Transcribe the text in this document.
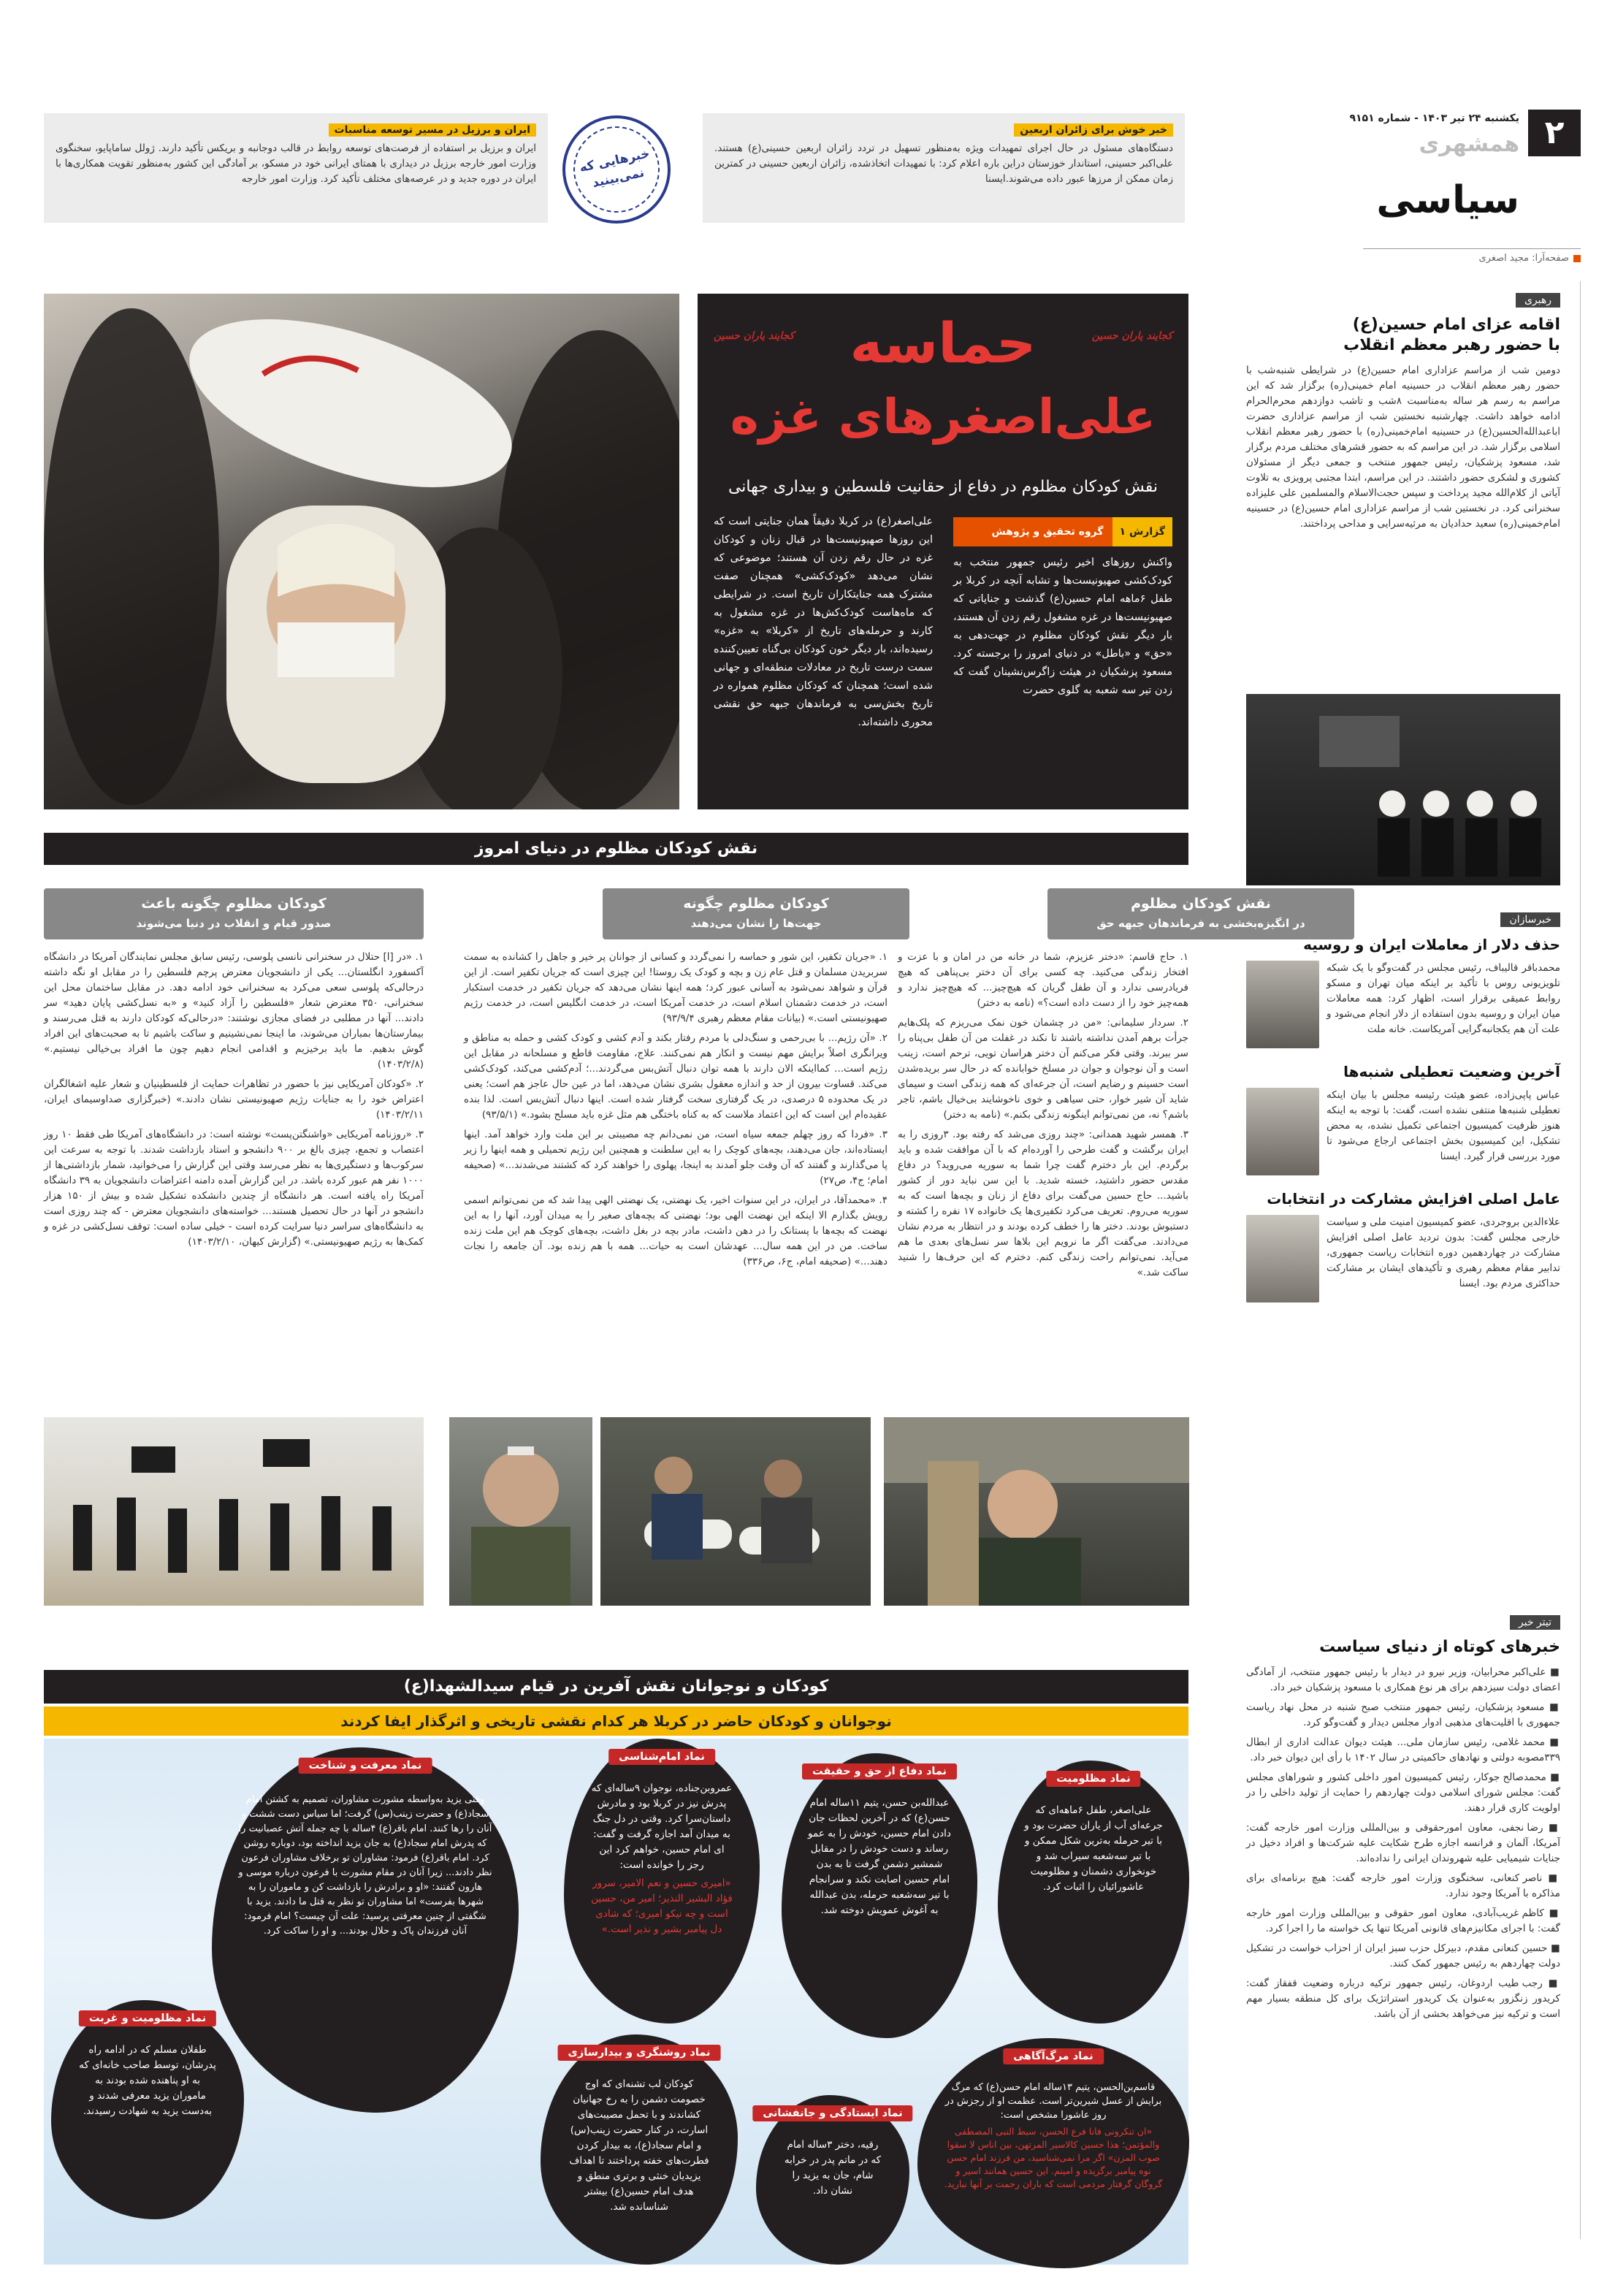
۲
یکشنبه ۲۴ تیر ۱۴۰۳ - شماره ۹۱۵۱
همشهری
سیاسی
صفحه‌آرا: مجید اصغری
خبر خوش برای زائران اربعین
دستگاه‌های مسئول در حال اجرای تمهیدات ویژه به‌منظور تسهیل در تردد زائران اربعین حسینی(ع) هستند. علی‌اکبر حسینی، استاندار خوزستان دراین باره اعلام کرد: با تمهیدات اتخاذشده، زائران اربعین حسینی در کمترین زمان ممکن از مرزها عبور داده می‌شوند.ایسنا
خبرهایی که نمی‌بینید
ایران و برزیل در مسیر توسعه مناسبات
ایران و برزیل بر استفاده از فرصت‌های توسعه روابط در قالب دوجانبه و بریکس تأکید دارند. ژولل ساماپایو، سخنگوی وزارت امور خارجه برزیل در دیداری با همتای ایرانی خود در مسکو، بر آمادگی این کشور به‌منظور تقویت همکاری‌ها با ایران در دوره جدید و در عرصه‌های مختلف تأکید کرد. وزارت امور خارجه
کجایند یاران حسین
کجایند یاران حسین	حماسه
علی‌اصغرهای غزه
نقش کودکان مظلوم در دفاع از حقانیت فلسطین و بیداری جهانی
گزارش ۱
گروه تحقیق و پژوهش
واکنش روزهای اخیر رئیس جمهور منتخب به کودک‌کشی صهیونیست‌ها و تشابه آنچه در کربلا بر طفل ۶ماهه امام حسین(ع) گذشت و جنایاتی که صهیونیست‌ها در غزه مشغول رقم زدن آن هستند، بار دیگر نقش کودکان مظلوم در جهت‌دهی به «حق» و «باطل» در دنیای امروز را برجسته کرد. مسعود پزشکیان در هیئت زاگرس‌نشینان گفت که زدن تیر سه شعبه به گلوی حضرت
علی‌اصغر(ع) در کربلا دقیقاً همان جنایتی است که این روزها صهیونیست‌ها در قبال زنان و کودکان غزه در حال رقم زدن آن هستند؛ موضوعی که نشان می‌دهد «کودک‌کشی» همچنان صفت مشترک همه جنایتکاران تاریخ است. در شرایطی که ماه‌هاست کودک‌کش‌ها در غزه مشغول به کارند و حرمله‌های تاریخ از «کربلا» به «غزه» رسیده‌اند، بار دیگر خون کودکان بی‌گناه تعیین‌کننده سمت درست تاریخ در معادلات منطقه‌ای و جهانی شده است؛ همچنان که کودکان مظلوم همواره در تاریخ بخش‌سی به فرماندهان جبهه حق نقشی محوری داشته‌اند.
نقش کودکان مظلوم در دنیای امروز
نقش کودکان مظلوم
در انگیزه‌بخشی به فرماندهان جبهه حق
کودکان مظلوم چگونه
جهت‌ها را نشان می‌دهند
کودکان مظلوم چگونه باعث
صدور قیام و انقلاب در دنیا می‌شوند

۱. حاج قاسم: «دختر عزیزم، شما در خانه من در امان و با عزت و افتخار زندگی می‌کنید. چه کسی برای آن دختر بی‌پناهی که هیچ فریادرسی ندارد و آن طفل گریان که هیچ‌چیز... که هیچ‌چیز ندارد و همه‌چیز خود را از دست داده است؟» (نامه به دختر)

۲. سردار سلیمانی: «من در چشمان خون نمک می‌ریزم که پلک‌هایم جرأت برهم آمدن نداشته باشند تا نکند در غفلت من آن طفل بی‌پناه را سر ببرند. وقتی فکر می‌کنم آن دختر هراسان تویی، ترحم است، زینب است و آن نوجوان و جوان در مسلخ خوابانده که در حال سر بریده‌شدن است حسینم و رضایم است، آن جرعه‌ای که همه زندگی است و سیمای شاید آن شیر خوار، حتی سیاهی و خوی ناخوشایند بی‌خیال باشم، تاجر باشم؟ نه، من نمی‌توانم اینگونه زندگی بکنم.» (نامه به دختر)

۳. همسر شهید همدانی: «چند روزی می‌شد که رفته بود. ۳روزی را به ایران برگشت و گفت طرحی را آورده‌ام که با آن موافقت شده و باید برگردم. این بار دخترم گفت چرا شما به سوریه می‌روید؟ در دفاع مقدس حضور داشتید، خسته شدید. با این سن نباید دور از کشور باشید... حاج حسین می‌گفت برای دفاع از زنان و بچه‌ها است که به سوریه می‌روم. تعریف می‌کرد تکفیری‌ها یک خانواده ۱۷ نفره را کشته و دستبوش بودند. دختر ها را خطف کرده بودند و در انتظار به مردم نشان می‌دادند. می‌گفت اگر ما نرویم این بلاها سر نسل‌های بعدی ما هم می‌آید. نمی‌توانم راحت زندگی کنم. دخترم که این حرف‌ها را شنید ساکت شد.»

۱. «جریان تکفیر، این شور و حماسه را نمی‌گردد و کسانی از جوانان پر خیر و جاهل را کشانده به سمت سربریدن مسلمان و قتل عام زن و بچه و کودک یک روستا! این چیزی است که جریان تکفیر است. از این قرآن و شواهد نمی‌شود به آسانی عبور کرد؛ همه اینها نشان می‌دهد که جریان تکفیر در خدمت استکبار است، در خدمت دشمنان اسلام است، در خدمت آمریکا است، در خدمت انگلیس است، در خدمت رژیم صهیونیستی است.» (بیانات مقام معظم رهبری ۹۳/۹/۴)

۲. «آن رژیم... با بی‌رحمی و سنگ‌دلی با مردم رفتار بکند و آدم کشی و کودک کشی و حمله به مناطق و ویرانگری اصلاً برایش مهم نیست و انکار هم نمی‌کنند. علاج، مقاومت قاطع و مسلحانه در مقابل این رژیم است... کمااینکه الان دارند با همه توان دنبال آتش‌بس می‌گردند...؛ آدم‌کشی می‌کند، کودک‌کشی می‌کند. قساوت بیرون از حد و اندازه معقول بشری نشان می‌دهد، اما در عین حال عاجز هم است؛ یعنی در یک محدوده ۵ درصدی، در یک گرفتاری سخت گرفتار شده است. اینها دنبال آتش‌بس است. لذا بنده عقیده‌ام این است که این اعتماد ملاست که به کناه باختگی هم مثل غزه باید مسلح بشود.» (۹۳/۵/۱)

۳. «فردا که روز چهلم جمعه سیاه است، من نمی‌دانم چه مصیبتی بر این ملت وارد خواهد آمد. اینها ایستاده‌اند، جان می‌دهند، بچه‌های کوچک را به این سلطنت و همچنین این رژیم تحمیلی و همه اینها را زیر پا می‌گذارند و گفتند که آن وقت جلو آمدند به اینجا، پهلوی را خواهند کرد که کشتند می‌شدند...» (صحیفه امام؛ ج۴، ص۲۷)

۴. «محمدآقا، در ایران، در این سنوات اخیر، یک نهضتی، یک نهضتی الهی پیدا شد که من نمی‌توانم اسمی رویش بگذارم الا اینکه این نهضت الهی بود؛ نهضتی که بچه‌های صغیر را به میدان آورد، آنها را به این نهضت که بچه‌ها با پستانک را در دهن داشت، مادر بچه در بغل داشت، بچه‌های کوچک هم این ملت زنده ساخت. من در این همه سال... عهدشان است به حیات... همه با هم زنده بود. آن جامعه را نجات دهند...» (صحیفه امام، ج۶، ص۳۳۶)

۱. «در [ا] حتلال در سخنرانی نانسی پلوسی، رئیس سابق مجلس نمایندگان آمریکا در دانشگاه آکسفورد انگلستان... یکی از دانشجویان معترض پرچم فلسطین را در مقابل او نگه داشته درحالی‌که پلوسی سعی می‌کرد به سخنرانی خود ادامه دهد. در مقابل ساختمان محل این سخنرانی، ۳۵۰ معترض شعار «فلسطین را آزاد کنید» و «به نسل‌کشی پایان دهید» سر دادند... آنها در مطلبی در فضای مجازی نوشتند: «درحالی‌که کودکان دارند به قتل می‌رسند و بیمارستان‌ها بمباران می‌شوند، ما اینجا نمی‌نشینیم و ساکت باشیم تا به صحبت‌های این افراد گوش بدهیم. ما باید برخیزیم و اقدامی انجام دهیم چون ما افراد بی‌خیالی نیستیم.» (۱۴۰۳/۲/۸)

۲. «کودکان آمریکایی نیز با حضور در تظاهرات حمایت از فلسطینیان و شعار علیه اشغالگران اعتراض خود را به جنایات رژیم صهیونیستی نشان دادند.» (خبرگزاری صداوسیمای ایران، ۱۴۰۳/۲/۱۱)

۳. «روزنامه آمریکایی «واشنگتن‌پست» نوشته است: در دانشگاه‌های آمریکا طی فقط ۱۰ روز اعتصاب و تجمع، چیزی بالغ بر ۹۰۰ دانشجو و استاد بازداشت شدند. با توجه به سرعت این سرکوب‌ها و دستگیری‌ها به نظر می‌رسد وقتی این گزارش را می‌خوانید، شمار بازداشتی‌ها از ۱۰۰۰ نفر هم عبور کرده باشد. در این گزارش آمده دامنه اعتراضات دانشجویان به ۳۹ دانشگاه آمریکا راه یافته است. هر دانشگاه از چندین دانشکده تشکیل شده و بیش از ۱۵۰ هزار دانشجو در آنها در حال تحصیل هستند... خواسته‌های دانشجویان معترض - که چند روزی است به دانشگاه‌های سراسر دنیا سرایت کرده است - خیلی ساده است: توقف نسل‌کشی در غزه و کمک‌ها به رژیم صهیونیستی.» (گزارش کیهان، ۱۴۰۳/۲/۱۰)

کودکان و نوجوانان نقش آفرین در قیام سیدالشهدا(ع)
نوجوانان و کودکان حاضر در کربلا هر کدام نقشی تاریخی و اثرگذار ایفا کردند
نماد مظلومیت
علی‌اصغر، طفل ۶ماهه‌ای که جرعه‌ای آب از یاران حضرت بود و با تیر حرمله به‌ترین شکل ممکن و با تیر سه‌شعبه سیراب شد و خونخواری دشمنان و مظلومیت عاشورائیان را اثبات کرد.
نماد دفاع از حق و حقیقت
عبدالله‌بن حسن، یتیم ۱۱ساله امام حسن(ع) که در آخرین لحظات جان دادن امام حسین، خودش را به عمو رساند و دست خودش را در مقابل شمشیر دشمن گرفت تا به بدن امام حسین اصابت نکند و سرانجام با تیر سه‌شعبه حرمله، بدن عبدالله به آغوش عمویش دوخته شد.
نماد امام‌شناسی
عمروبن‌جناده، نوجوان ۹ساله‌ای که پدرش نیز در کربلا بود و مادرش داستان‌سرا کرد. وقتی در دل جنگ به میدان آمد اجازه گرفت و گفت: ای امام حسین، خواهم کرد این رجز را خوانده است:
«امیری حسین و نعم الامیر، سرور فؤاد البشیر النذیر؛ امیر من، حسین است و چه نیکو امیری؛ که شادی دل پیامبر بشیر و نذیر است.»
نماد معرفت و شناخت
وقتی یزید به‌واسطه مشورت مشاوران، تصمیم به کشتن امام سجاد(ع) و حضرت زینب(س) گرفت؛ اما سیاس دست ششت و آنان را رها کنند. امام باقر(ع) ۴ساله با چه جمله آتش عصبانیت را که پدرش امام سجاد(ع) به جان یزید انداخته بود، دوباره روشن کرد. امام باقر(ع) فرمود: مشاوران تو برخلاف مشاوران فرعون نظر دادند... زیرا آنان در مقام مشورت با فرعون درباره موسی و هارون گفتند: «او و برادرش را بازداشت کن و ماموران را به شهرها بفرست» اما مشاوران تو نظر به قتل ما دادند. یزید با شگفتی از چنین معرفتی پرسید: علت آن چیست؟ امام فرمود: آنان فرزندان پاک و حلال بودند... و او را ساکت کرد.
نماد مظلومیت و غربت
طفلان مسلم که در ادامه راه پدرشان، توسط صاحب خانه‌ای که به او پناهنده شده بودند به ماموران یزید معرفی شدند و به‌دست یزید به شهادت رسیدند.
نماد روشنگری و بیدارسازی
کودکان لب تشنه‌ای که اوج خصومت دشمن را به رخ جهانیان کشاندند و با تحمل مصیبت‌های اسارت، در کنار حضرت زینب(س) و امام سجاد(ع)، به بیدار کردن فطرت‌های خفته پرداختند تا اهداف یزیدیان خنثی و برتری منطق و هدف امام حسین(ع) بیشتر شناسانده شد.
نماد ایستادگی و جانفشانی
رقیه، دختر ۳ساله امام که در ماتم پدر در خرابه شام، جان به یزید را نشان داد.
نماد مرگ‌آگاهی
قاسم‌بن‌الحسن، یتیم ۱۳ساله امام حسن(ع) که مرگ برایش از عسل شیرین‌تر است. عظمت او از رجزش در روز عاشورا مشخص است:
«ان تنکرونی فانا فرع الحسن، سبط النبی المصطفی والمؤتمن؛ هذا حسین کالاسیر المرتهن، بین اناس لا سقوا صوب المزن» اگر مرا نمی‌شناسید، من فرزند امام حسن نوه پیامبر برگزیده و امینم. این حسین همانند اسیر و گروگان گرفتار مردمی است که باران رحمت بر آنها نبارید.
رهبری
اقامه عزای امام حسین(ع)
با حضور رهبر معظم انقلاب
دومین شب از مراسم عزاداری امام حسین(ع) در شرایطی شنبه‌شب با حضور رهبر معظم انقلاب در حسینیه امام خمینی(ره) برگزار شد که این مراسم به رسم هر ساله به‌مناسبت ۸شب و تاشب دوازدهم محرم‌الحرام ادامه خواهد داشت. چهارشنبه نخستین شب از مراسم عزاداری حضرت اباعبدالله‌الحسین(ع) در حسینیه امام‌خمینی(ره) با حضور رهبر معظم انقلاب اسلامی برگزار شد. در این مراسم که به حضور قشرهای مختلف مردم برگزار شد، مسعود پزشکیان، رئیس جمهور منتخب و جمعی دیگر از مسئولان کشوری و لشکری حضور داشتند. در این مراسم، ابتدا مجتبی پرویزی به تلاوت آیاتی از کلام‌الله مجید پرداخت و سپس حجت‌الاسلام والمسلمین علی علیزاده سخنرانی کرد. در نخستین شب از مراسم عزاداری امام حسین(ع) در حسینیه امام‌خمینی(ره) سعید حدادیان به مرثیه‌سرایی و مداحی پرداختند.
خبرسازان
حذف دلار از معاملات ایران و روسیه
محمدباقر قالیباف، رئیس مجلس در گفت‌وگو با یک شبکه تلویزیونی روس با تأکید بر اینکه میان تهران و مسکو روابط عمیقی برقرار است، اظهار کرد: همه معاملات میان ایران و روسیه بدون استفاده از دلار انجام می‌شود و علت آن هم یکجانبه‌گرایی آمریکاست. خانه ملت
آخرین وضعیت تعطیلی شنبه‌ها
عباس پاپی‌زاده، عضو هیئت رئیسه مجلس با بیان اینکه تعطیلی شنبه‌ها منتفی نشده است، گفت: با توجه به اینکه هنوز ظرفیت کمیسیون اجتماعی تکمیل نشده، به محض تشکیل، این کمیسیون بخش اجتماعی ارجاع می‌شود تا مورد بررسی قرار گیرد. ایسنا
عامل اصلی افزایش مشارکت در انتخابات
علاءالدین بروجردی، عضو کمیسیون امنیت ملی و سیاست خارجی مجلس گفت: بدون تردید عامل اصلی افزایش مشارکت در چهاردهمین دوره انتخابات ریاست جمهوری، تدابیر مقام معظم رهبری و تأکیدهای ایشان بر مشارکت حداکثری مردم بود. ایسنا
تیتر خبر
خبرهای کوتاه از دنیای سیاست

■ علی‌اکبر محرابیان، وزیر نیرو در دیدار با رئیس جمهور منتخب، از آمادگی اعضای دولت سیزدهم برای هر نوع همکاری با مسعود پزشکیان خبر داد.

■ مسعود پزشکیان، رئیس جمهور منتخب صبح شنبه در محل نهاد ریاست جمهوری با اقلیت‌های مذهبی ادوار مجلس دیدار و گفت‌وگو کرد.

■ محمد غلامی، رئیس سازمان ملی... هیئت دیوان عدالت اداری از ابطال ۳۳۹مصوبه دولتی و نهادهای حاکمیتی در سال ۱۴۰۲ با رأی این دیوان خبر داد.

■ محمدصالح جوکار، رئیس کمیسیون امور داخلی کشور و شوراهای مجلس گفت: مجلس شورای اسلامی دولت چهاردهم را حمایت از تولید داخلی را در اولویت کاری قرار دهند.

■ رضا نجفی، معاون امورحقوقی و بین‌المللی وزارت امور خارجه گفت: آمریکا، آلمان و فرانسه اجازه طرح شکایت علیه شرکت‌ها و افراد دخیل در جنایات شیمیایی علیه شهروندان ایرانی را نداده‌اند.

■ ناصر کنعانی، سخنگوی وزارت امور خارجه گفت: هیچ برنامه‌ای برای مذاکره با آمریکا وجود ندارد.

■ کاظم غریب‌آبادی، معاون امور حقوقی و بین‌المللی وزارت امور خارجه گفت: با اجرای مکانیزم‌های قانونی آمریکا تنها یک خواسته ما را اجرا کرد.

■ حسین کنعانی مقدم، دبیرکل حزب سبز ایران از احزاب خواست در تشکیل دولت چهاردهم به رئیس جمهور کمک کنند.

■ رجب طیب اردوغان، رئیس جمهور ترکیه درباره وضعیت قفقاز گفت: کریدور زنگزور به‌عنوان یک کریدور استراتژیک برای کل منطقه بسیار مهم است و ترکیه نیز می‌خواهد بخشی از آن باشد.
